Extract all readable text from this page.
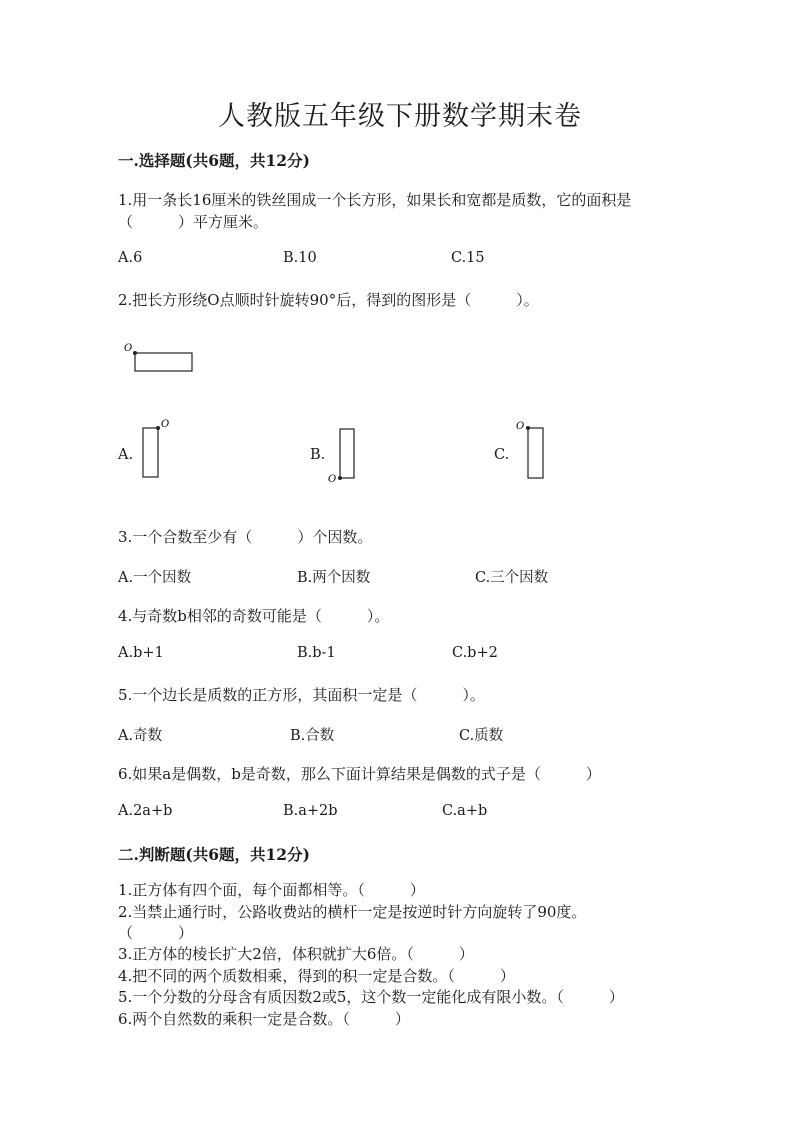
人教版五年级下册数学期末卷
一.选择题(共6题，共12分)
1.用一条长16厘米的铁丝围成一个长方形，如果长和宽都是质数，它的面积是
（　　　）平方厘米。
A.6	B.10	C.15
2.把长方形绕O点顺时针旋转90°后，得到的图形是（　　　）。
O
A.
O
B.
O
C.
O
3.一个合数至少有（　　　）个因数。
A.一个因数	B.两个因数	C.三个因数
4.与奇数b相邻的奇数可能是（　　　）。
A.b+1	B.b-1	C.b+2
5.一个边长是质数的正方形，其面积一定是（　　　）。
A.奇数	B.合数	C.质数
6.如果a是偶数，b是奇数，那么下面计算结果是偶数的式子是（　　　）
A.2a+b	B.a+2b	C.a+b
二.判断题(共6题，共12分)
1.正方体有四个面，每个面都相等。（　　　）
2.当禁止通行时，公路收费站的横杆一定是按逆时针方向旋转了90度。
（　　　）
3.正方体的棱长扩大2倍，体积就扩大6倍。（　　　）
4.把不同的两个质数相乘，得到的积一定是合数。（　　　）
5.一个分数的分母含有质因数2或5，这个数一定能化成有限小数。（　　　）
6.两个自然数的乘积一定是合数。（　　　）
